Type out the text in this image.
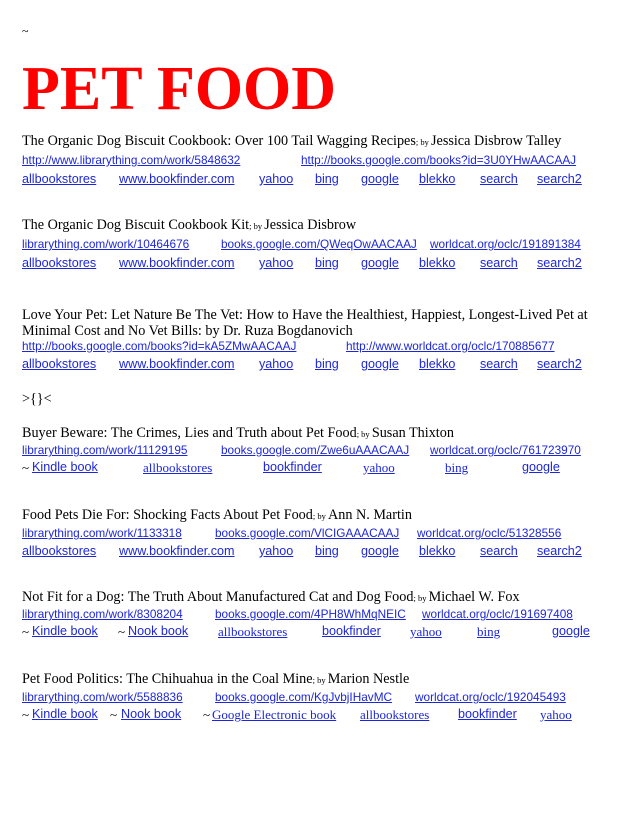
~
PET FOOD
The Organic Dog Biscuit Cookbook: Over 100 Tail Wagging Recipes; by Jessica Disbrow Talley
http://www.librarything.com/work/5848632	http://books.google.com/books?id=3U0YHwAACAAJ
allbookstores www.bookfinder.com yahoo bing google blekko search search2
The Organic Dog Biscuit Cookbook Kit; by Jessica Disbrow
librarything.com/work/10464676	books.google.com/QWeqOwAACAAJ worldcat.org/oclc/191891384
allbookstores www.bookfinder.com yahoo bing google blekko search search2
Love Your Pet: Let Nature Be The Vet: How to Have the Healthiest, Happiest, Longest-Lived Pet at
Minimal Cost and No Vet Bills: by Dr. Ruza Bogdanovich
http://books.google.com/books?id=kA5ZMwAACAAJ	http://www.worldcat.org/oclc/170885677
allbookstores www.bookfinder.com yahoo bing google blekko search search2
>{}<
Buyer Beware: The Crimes, Lies and Truth about Pet Food; by Susan Thixton
librarything.com/work/11129195	books.google.com/Zwe6uAAACAAJ worldcat.org/oclc/761723970
~ Kindle book	allbookstores	bookfinder	yahoo	bing	google
Food Pets Die For: Shocking Facts About Pet Food; by Ann N. Martin
librarything.com/work/1133318	books.google.com/VlCIGAAACAAJ worldcat.org/oclc/51328556
allbookstores www.bookfinder.com yahoo bing google blekko search search2
Not Fit for a Dog: The Truth About Manufactured Cat and Dog Food; by Michael W. Fox
librarything.com/work/8308204	books.google.com/4PH8WhMqNEIC worldcat.org/oclc/191697408
~ Kindle book ~ Nook book allbookstores	bookfinder yahoo	bing	google
Pet Food Politics: The Chihuahua in the Coal Mine; by Marion Nestle
librarything.com/work/5588836	books.google.com/KgJvbjIHavMC worldcat.org/oclc/192045493
~ Kindle book ~ Nook book ~ Google Electronic book allbookstores bookfinder yahoo
